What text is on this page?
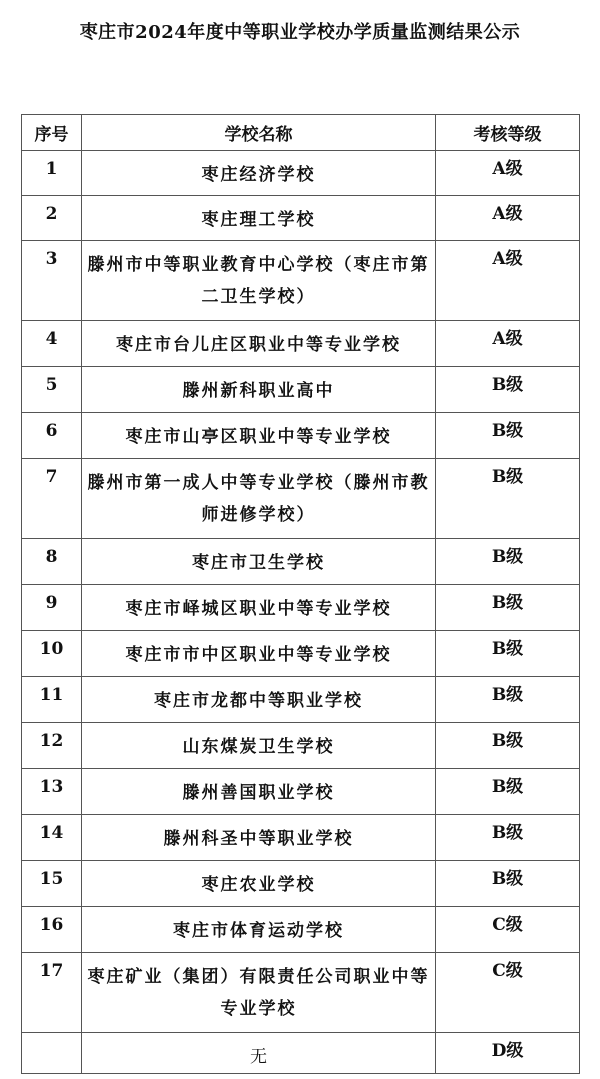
枣庄市2024年度中等职业学校办学质量监测结果公示
序号	学校名称	考核等级
1	枣庄经济学校	A级
2	枣庄理工学校	A级
3	滕州市中等职业教育中心学校（枣庄市第二卫生学校）	A级
4	枣庄市台儿庄区职业中等专业学校	A级
5	滕州新科职业高中	B级
6	枣庄市山亭区职业中等专业学校	B级
7	滕州市第一成人中等专业学校（滕州市教师进修学校）	B级
8	枣庄市卫生学校	B级
9	枣庄市峄城区职业中等专业学校	B级
10	枣庄市市中区职业中等专业学校	B级
11	枣庄市龙都中等职业学校	B级
12	山东煤炭卫生学校	B级
13	滕州善国职业学校	B级
14	滕州科圣中等职业学校	B级
15	枣庄农业学校	B级
16	枣庄市体育运动学校	C级
17	枣庄矿业（集团）有限责任公司职业中等专业学校	C级
	无	D级
